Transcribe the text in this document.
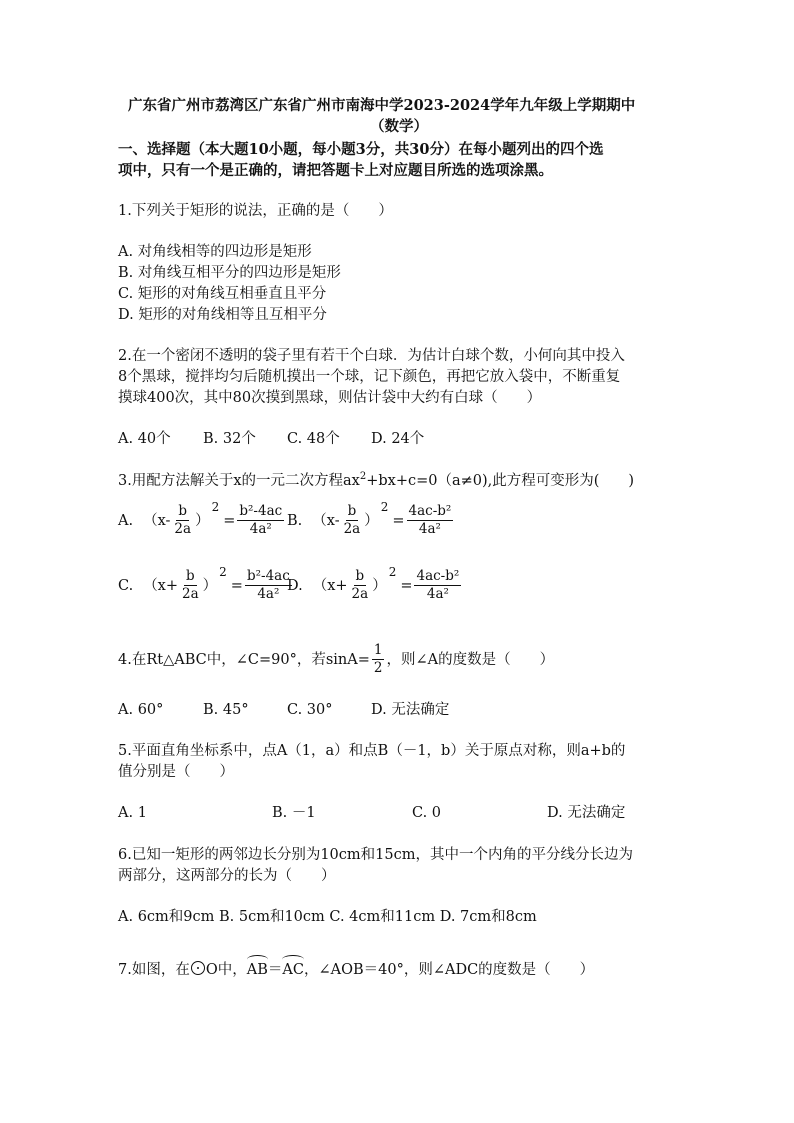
广东省广州市荔湾区广东省广州市南海中学2023-2024学年九年级上学期期中
（数学）
一、选择题（本大题10小题，每小题3分，共30分）在每小题列出的四个选
项中，只有一个是正确的，请把答题卡上对应题目所选的选项涂黑。
1.下列关于矩形的说法，正确的是（　　）
A. 对角线相等的四边形是矩形
B. 对角线互相平分的四边形是矩形
C. 矩形的对角线互相垂直且平分
D. 矩形的对角线相等且互相平分
2.在一个密闭不透明的袋子里有若干个白球．为估计白球个数，小何向其中投入
8个黑球，搅拌均匀后随机摸出一个球，记下颜色，再把它放入袋中，不断重复
摸球400次，其中80次摸到黑球，则估计袋中大约有白球（　　）
A. 40个 B. 32个 C. 48个 D. 24个
3.用配方法解关于x的一元二次方程$ax^2+bx+c=0(a\ne 0)$,此方程可变形为(　　)
A. （$x- \frac{b}{2a}$ ）
2
= $\frac{\text{b²-4ac}}{\text{4a²}} B$. （$x- \frac{b}{2a}$ ）
2
= $\frac{\text{4ac-b²}}{\text{4a²}}$
C. （$x+ \frac{b}{2a}$ ）
2
= $\frac{\text{b²-4ac}}{\text{4a²}}$
D. （$x+ \frac{b}{2a}$ ）
2
= $\frac{\text{4ac-b²}}{\text{4a²}}$
4.在Rt△ABC中，∠C=90°，若$\sin A= \frac{1}{2}$ ，则∠A的度数是（　　）
A. 60°	B. 45°	C. 30°	D. 无法确定
5.平面直角坐标系中，点A（1，a）和点B（－1，b）关于原点对称，则a+b的
值分别是（　　）
A. 1	B. －1	C. 0	D. 无法确定
6.已知一矩形的两邻边长分别为10cm和15cm，其中一个内角的平分线分长边为
两部分，这两部分的长为（　　）
A. 6cm和9cm B. 5cm和10cm C. 4cm和11cm D. 7cm和8cm
7.如图，在 O中，AB＝AC，∠AOB＝40°，则∠ADC的度数是（　　）
